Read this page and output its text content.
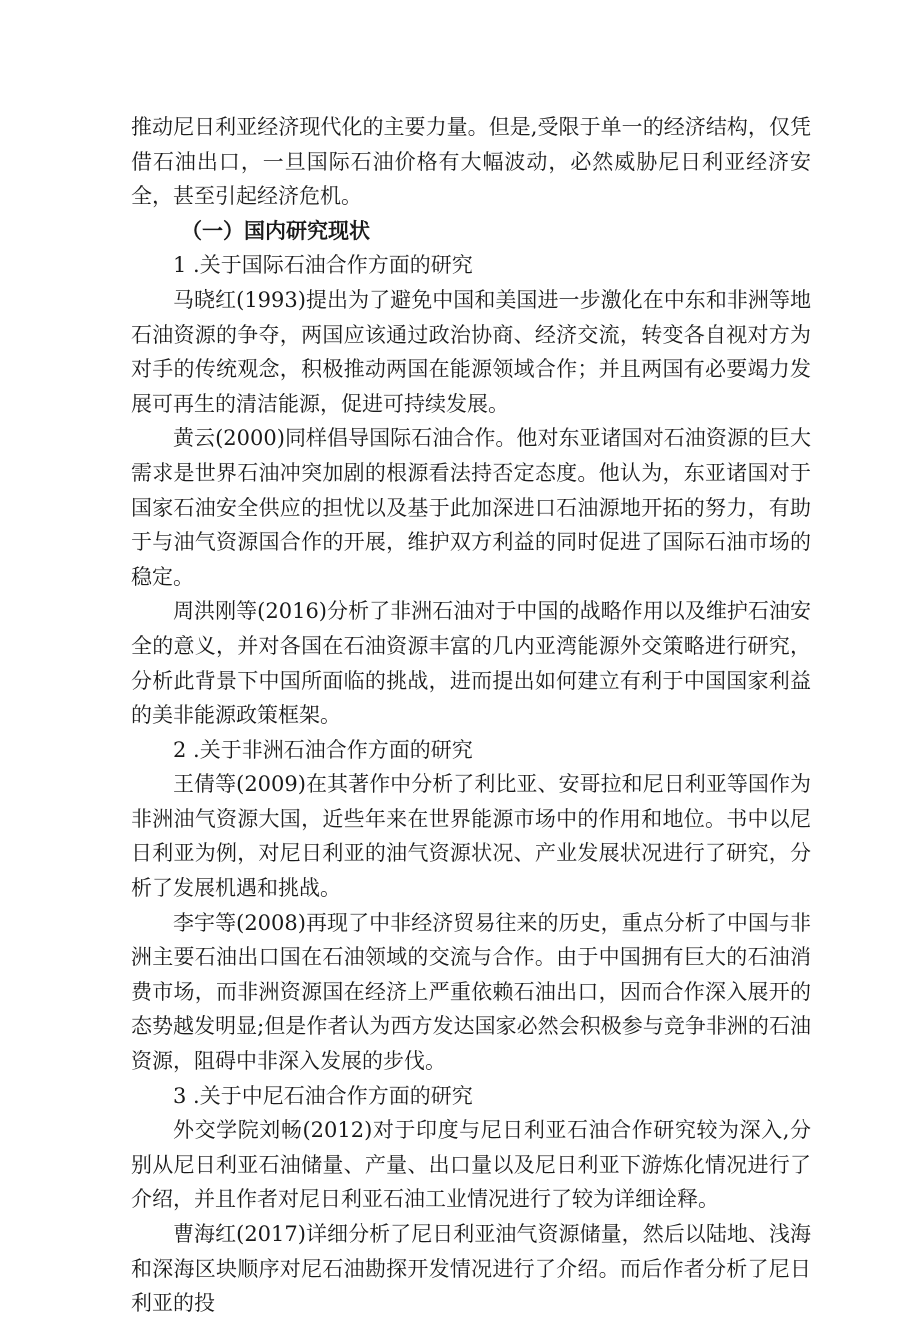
推动尼日利亚经济现代化的主要力量。但是,受限于单一的经济结构，仅凭借石油出口，一旦国际石油价格有大幅波动，必然威胁尼日利亚经济安全，甚至引起经济危机。

（一）国内研究现状

1 .关于国际石油合作方面的研究

马晓红(1993)提出为了避免中国和美国进一步激化在中东和非洲等地石油资源的争夺，两国应该通过政治协商、经济交流，转变各自视对方为对手的传统观念，积极推动两国在能源领域合作；并且两国有必要竭力发展可再生的清洁能源，促进可持续发展。

黄云(2000)同样倡导国际石油合作。他对东亚诸国对石油资源的巨大需求是世界石油冲突加剧的根源看法持否定态度。他认为，东亚诸国对于国家石油安全供应的担忧以及基于此加深进口石油源地开拓的努力，有助于与油气资源国合作的开展，维护双方利益的同时促进了国际石油市场的稳定。

周洪刚等(2016)分析了非洲石油对于中国的战略作用以及维护石油安全的意义，并对各国在石油资源丰富的几内亚湾能源外交策略进行研究，分析此背景下中国所面临的挑战，进而提出如何建立有利于中国国家利益的美非能源政策框架。

2 .关于非洲石油合作方面的研究

王倩等(2009)在其著作中分析了利比亚、安哥拉和尼日利亚等国作为非洲油气资源大国，近些年来在世界能源市场中的作用和地位。书中以尼日利亚为例，对尼日利亚的油气资源状况、产业发展状况进行了研究，分析了发展机遇和挑战。

李宇等(2008)再现了中非经济贸易往来的历史，重点分析了中国与非洲主要石油出口国在石油领域的交流与合作。由于中国拥有巨大的石油消费市场，而非洲资源国在经济上严重依赖石油出口，因而合作深入展开的态势越发明显;但是作者认为西方发达国家必然会积极参与竞争非洲的石油资源，阻碍中非深入发展的步伐。

3 .关于中尼石油合作方面的研究

外交学院刘畅(2012)对于印度与尼日利亚石油合作研究较为深入,分别从尼日利亚石油储量、产量、出口量以及尼日利亚下游炼化情况进行了介绍，并且作者对尼日利亚石油工业情况进行了较为详细诠释。

曹海红(2017)详细分析了尼日利亚油气资源储量，然后以陆地、浅海和深海区块顺序对尼石油勘探开发情况进行了介绍。而后作者分析了尼日利亚的投
